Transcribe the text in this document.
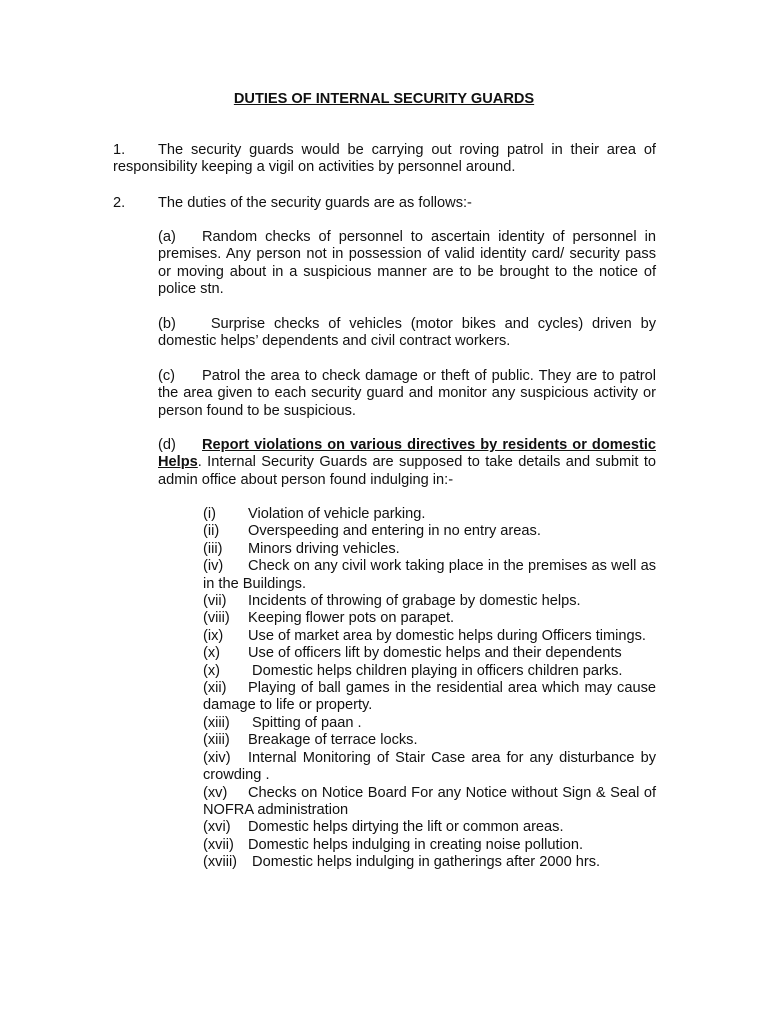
DUTIES OF INTERNAL SECURITY GUARDS
1. The security guards would be carrying out roving patrol in their area of responsibility keeping a vigil on activities by personnel around.
2. The duties of the security guards are as follows:-
(a) Random checks of personnel to ascertain identity of personnel in premises. Any person not in possession of valid identity card/ security pass or moving about in a suspicious manner are to be brought to the notice of police stn.
(b) Surprise checks of vehicles (motor bikes and cycles) driven by domestic helps’ dependents and civil contract workers.
(c) Patrol the area to check damage or theft of public. They are to patrol the area given to each security guard and monitor any suspicious activity or person found to be suspicious.
(d) Report violations on various directives by residents or domestic Helps. Internal Security Guards are supposed to take details and submit to admin office about person found indulging in:-
(i) Violation of vehicle parking.
(ii) Overspeeding and entering in no entry areas.
(iii) Minors driving vehicles.
(iv) Check on any civil work taking place in the premises as well as in the Buildings.
(vii) Incidents of throwing of grabage by domestic helps.
(viii) Keeping flower pots on parapet.
(ix) Use of market area by domestic helps during Officers timings.
(x) Use of officers lift by domestic helps and their dependents
(x) Domestic helps children playing in officers children parks.
(xii) Playing of ball games in the residential area which may cause damage to life or property.
(xiii) Spitting of paan .
(xiii) Breakage of terrace locks.
(xiv) Internal Monitoring of Stair Case area for any disturbance by crowding .
(xv) Checks on Notice Board For any Notice without Sign & Seal of NOFRA administration
(xvi) Domestic helps dirtying the lift or common areas.
(xvii) Domestic helps indulging in creating noise pollution.
(xviii) Domestic helps indulging in gatherings after 2000 hrs.
